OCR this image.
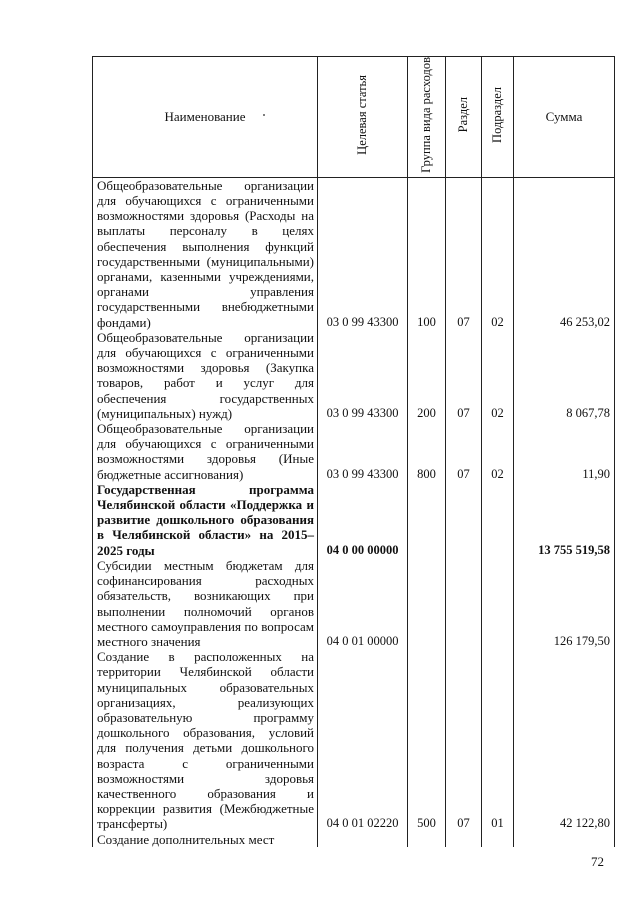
Наименование	Целевая статья	Группа вида расходов	Раздел	Подраздел	Сумма
Общеобразовательные организации для обучающихся с ограниченными возможностями здоровья (Расходы на выплаты персоналу в целях обеспечения выполнения функций государственными (муниципальными) органами, казенными учреждениями, органами управления государственными внебюджетными фондами)	03 0 99 43300	100	07	02	46 253,02
Общеобразовательные организации для обучающихся с ограниченными возможностями здоровья (Закупка товаров, работ и услуг для обеспечения государственных (муниципальных) нужд)	03 0 99 43300	200	07	02	8 067,78
Общеобразовательные организации для обучающихся с ограниченными возможностями здоровья (Иные бюджетные ассигнования)	03 0 99 43300	800	07	02	11,90
Государственная программа Челябинской области «Поддержка и развитие дошкольного образования в Челябинской области» на 2015–2025 годы	04 0 00 00000				13 755 519,58
Субсидии местным бюджетам для софинансирования расходных обязательств, возникающих при выполнении полномочий органов местного самоуправления по вопросам местного значения	04 0 01 00000				126 179,50
Создание в расположенных на территории Челябинской области муниципальных образовательных организациях, реализующих образовательную программу дошкольного образования, условий для получения детьми дошкольного возраста с ограниченными возможностями здоровья качественного образования и коррекции развития (Межбюджетные трансферты)	04 0 01 02220	500	07	01	42 122,80
Создание дополнительных мест					
72
